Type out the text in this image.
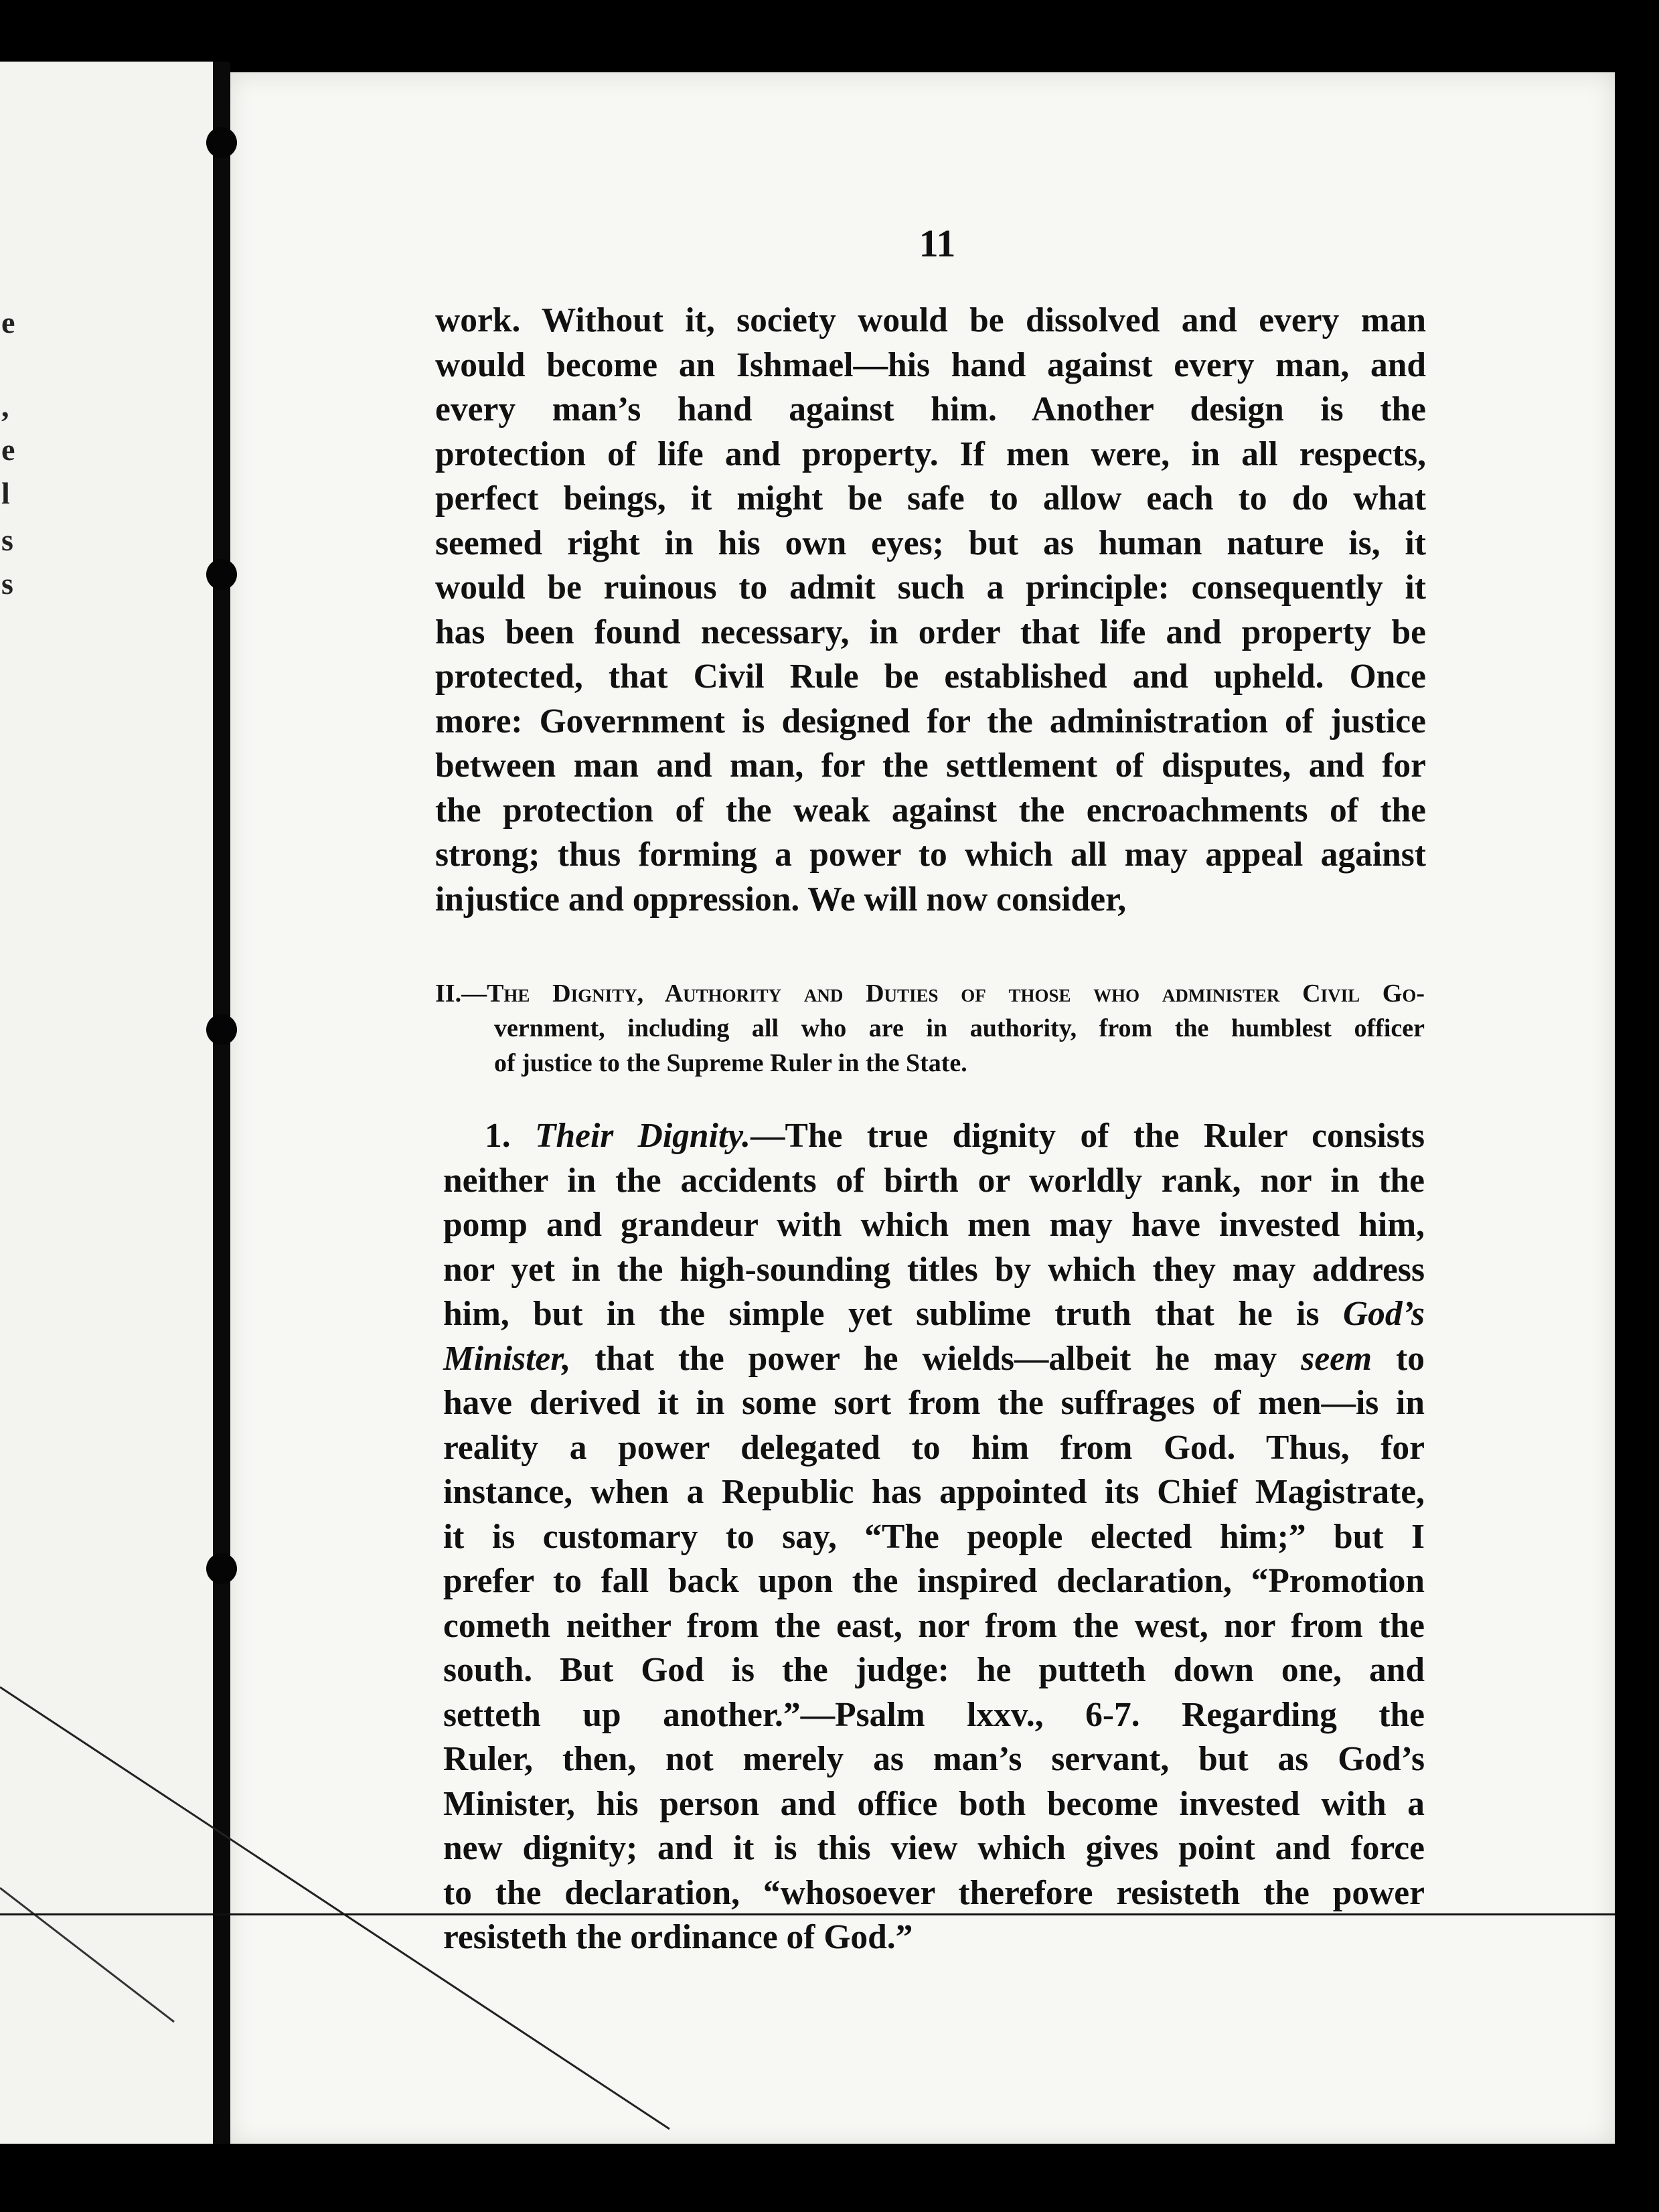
e
,
e
l
s
s
11
work. Without it, society would be dissolved and every man
would become an Ishmael—his hand against every man, and
every man’s hand against him. Another design is the
protection of life and property. If men were, in all respects,
perfect beings, it might be safe to allow each to do what
seemed right in his own eyes; but as human nature is, it
would be ruinous to admit such a principle: consequently it
has been found necessary, in order that life and property be
protected, that Civil Rule be established and upheld. Once
more: Government is designed for the administration of justice
between man and man, for the settlement of disputes, and for
the protection of the weak against the encroachments of the
strong; thus forming a power to which all may appeal against
injustice and oppression. We will now consider,
II.—The Dignity, Authority and Duties of those who administer Civil Go-
vernment, including all who are in authority, from the humblest officer
of justice to the Supreme Ruler in the State.
1. Their Dignity.—The true dignity of the Ruler consists
neither in the accidents of birth or worldly rank, nor in the
pomp and grandeur with which men may have invested him,
nor yet in the high-sounding titles by which they may address
him, but in the simple yet sublime truth that he is God’s
Minister, that the power he wields—albeit he may seem to
have derived it in some sort from the suffrages of men—is in
reality a power delegated to him from God. Thus, for
instance, when a Republic has appointed its Chief Magistrate,
it is customary to say, “The people elected him;” but I
prefer to fall back upon the inspired declaration, “Promotion
cometh neither from the east, nor from the west, nor from the
south. But God is the judge: he putteth down one, and
setteth up another.”—Psalm lxxv., 6-7. Regarding the
Ruler, then, not merely as man’s servant, but as God’s
Minister, his person and office both become invested with a
new dignity; and it is this view which gives point and force
to the declaration, “whosoever therefore resisteth the power
resisteth the ordinance of God.”
